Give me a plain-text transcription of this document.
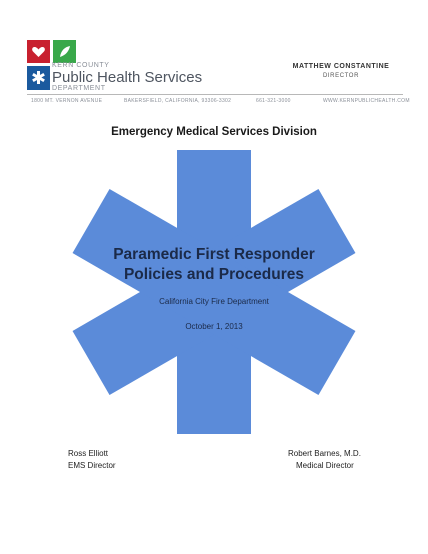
KERN COUNTY
Public Health Services
DEPARTMENT
MATTHEW CONSTANTINE
DIRECTOR
1800 MT. VERNON AVENUE	BAKERSFIELD, CALIFORNIA, 93306-3302	661-321-3000	WWW.KERNPUBLICHEALTH.COM
Emergency Medical Services Division
Paramedic First Responder
Policies and Procedures
California City Fire Department
October 1, 2013
Ross Elliott
EMS Director
Robert Barnes, M.D.
Medical Director
